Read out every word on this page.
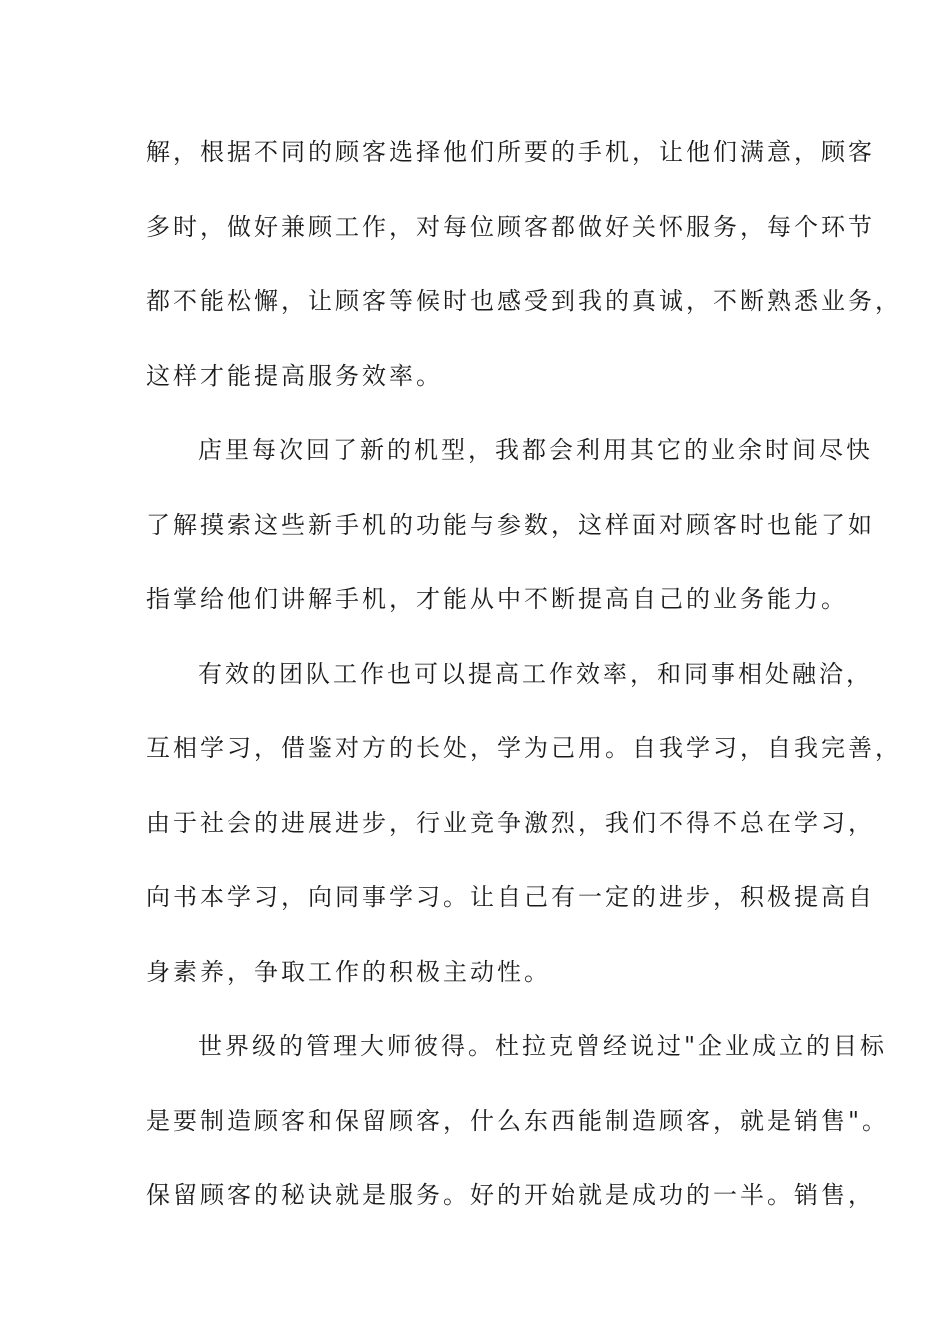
解，根据不同的顾客选择他们所要的手机，让他们满意，顾客
多时，做好兼顾工作，对每位顾客都做好关怀服务，每个环节
都不能松懈，让顾客等候时也感受到我的真诚，不断熟悉业务，
这样才能提高服务效率。
店里每次回了新的机型，我都会利用其它的业余时间尽快
了解摸索这些新手机的功能与参数，这样面对顾客时也能了如
指掌给他们讲解手机，才能从中不断提高自己的业务能力。
有效的团队工作也可以提高工作效率，和同事相处融洽，
互相学习，借鉴对方的长处，学为己用。自我学习，自我完善，
由于社会的进展进步，行业竞争激烈，我们不得不总在学习，
向书本学习，向同事学习。让自己有一定的进步，积极提高自
身素养，争取工作的积极主动性。
世界级的管理大师彼得。杜拉克曾经说过"企业成立的目标
是要制造顾客和保留顾客，什么东西能制造顾客，就是销售"。
保留顾客的秘诀就是服务。好的开始就是成功的一半。销售，
